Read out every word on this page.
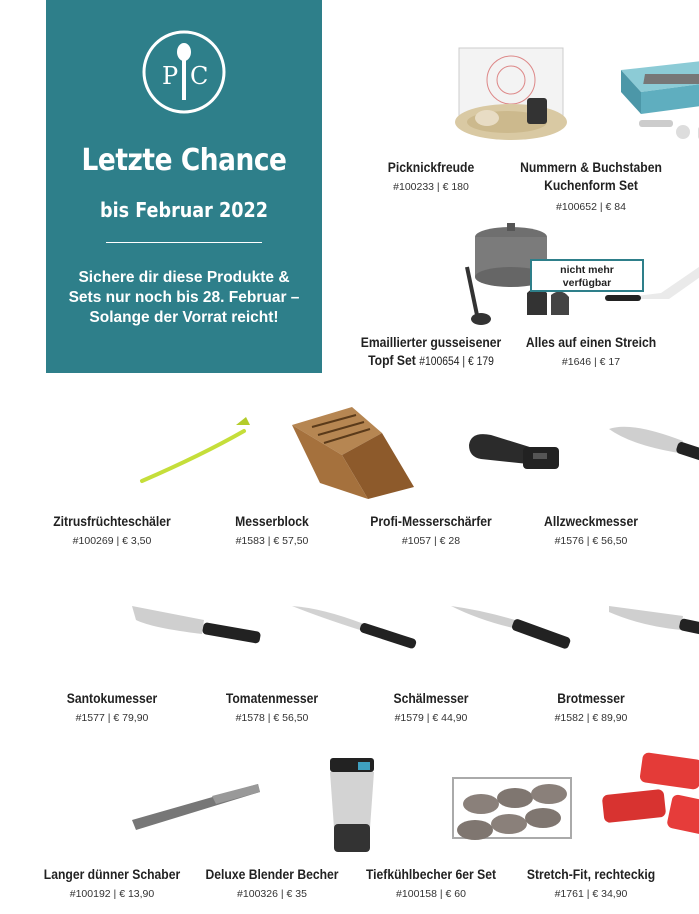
P C
Letzte Chance
bis Februar 2022
Sichere dir diese Produkte &
Sets nur noch bis 28. Februar –
Solange der Vorrat reicht!
Picknickfreude
#100233 | € 180
Nummern & Buchstaben
Kuchenform Set
#100652 | € 84
Emaillierter gusseisener
Topf Set #100654 | € 179
Alles auf einen Streich
#1646 | € 17
nicht mehr
verfügbar
Zitrusfrüchteschäler
#100269 | € 3,50
Messerblock
#1583 | € 57,50
Profi-Messerschärfer
#1057 | € 28
Allzweckmesser
#1576 | € 56,50
Santokumesser
#1577 | € 79,90
Tomatenmesser
#1578 | € 56,50
Schälmesser
#1579 | € 44,90
Brotmesser
#1582 | € 89,90
Langer dünner Schaber
#100192 | € 13,90
Deluxe Blender Becher
#100326 | € 35
Tiefkühlbecher 6er Set
#100158 | € 60
Stretch-Fit, rechteckig
#1761 | € 34,90
